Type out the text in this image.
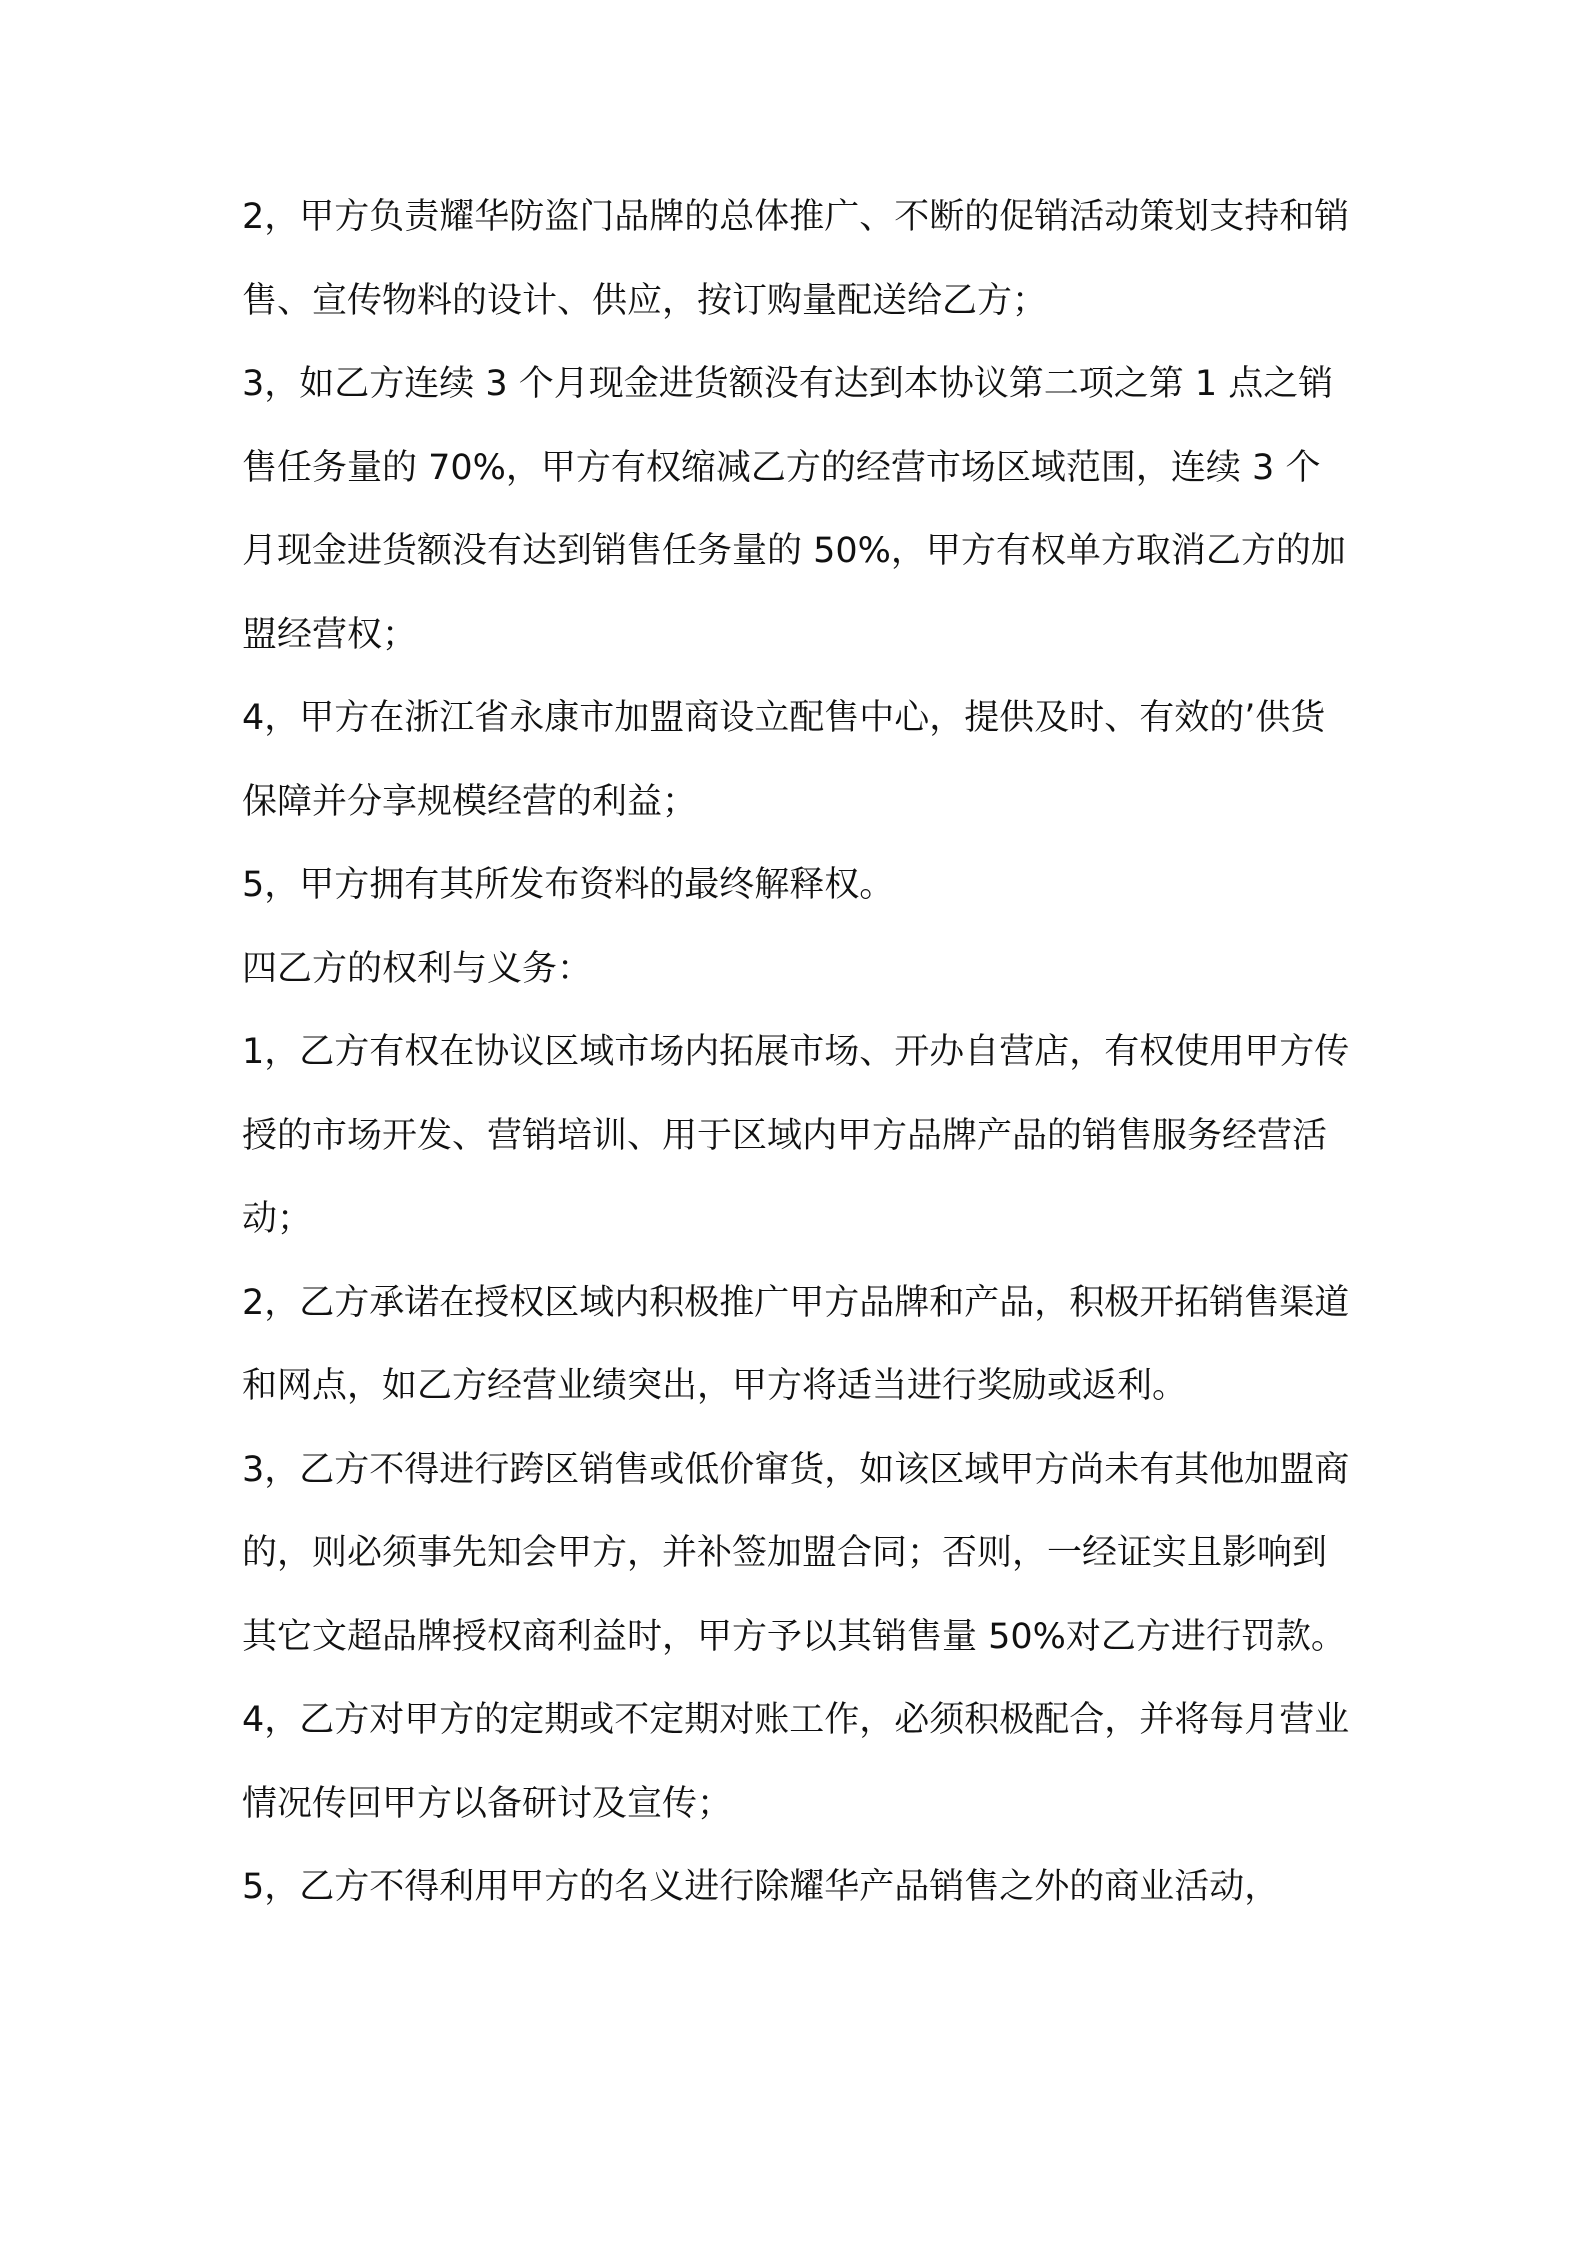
2，甲方负责耀华防盗门品牌的总体推广、不断的促销活动策划支持和销售、宣传物料的设计、供应，按订购量配送给乙方；

3，如乙方连续 3 个月现金进货额没有达到本协议第二项之第 1 点之销售任务量的 70%，甲方有权缩减乙方的经营市场区域范围，连续 3 个月现金进货额没有达到销售任务量的 50%，甲方有权单方取消乙方的加盟经营权；

4，甲方在浙江省永康市加盟商设立配售中心，提供及时、有效的’供货保障并分享规模经营的利益；

5，甲方拥有其所发布资料的最终解释权。

四乙方的权利与义务：

1，乙方有权在协议区域市场内拓展市场、开办自营店，有权使用甲方传授的市场开发、营销培训、用于区域内甲方品牌产品的销售服务经营活动；

2，乙方承诺在授权区域内积极推广甲方品牌和产品，积极开拓销售渠道和网点，如乙方经营业绩突出，甲方将适当进行奖励或返利。

3，乙方不得进行跨区销售或低价窜货，如该区域甲方尚未有其他加盟商的，则必须事先知会甲方，并补签加盟合同；否则，一经证实且影响到其它文超品牌授权商利益时，甲方予以其销售量 50%对乙方进行罚款。

4，乙方对甲方的定期或不定期对账工作，必须积极配合，并将每月营业情况传回甲方以备研讨及宣传；

5，乙方不得利用甲方的名义进行除耀华产品销售之外的商业活动，
